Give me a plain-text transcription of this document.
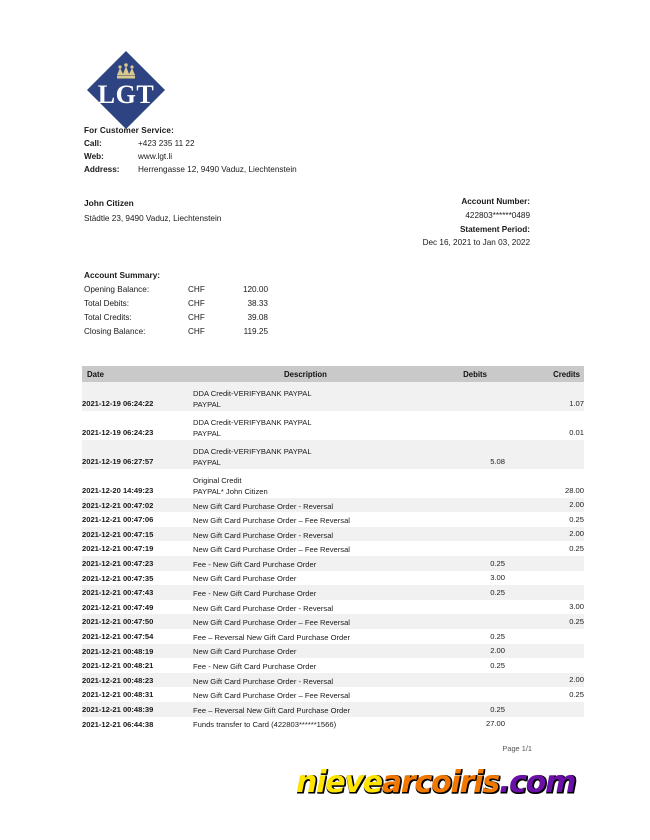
LGT
For Customer Service:
Call:	+423 235 11 22
Web:	www.lgt.li
Address:	Herrengasse 12, 9490 Vaduz, Liechtenstein
John Citizen
Städtle 23, 9490 Vaduz, Liechtenstein
Account Number:
422803******0489
Statement Period:
Dec 16, 2021 to Jan 03, 2022
Account Summary:
Opening Balance:	CHF	120.00
Total Debits:	CHF	38.33
Total Credits:	CHF	39.08
Closing Balance:	CHF	119.25
Date	Description	Debits	Credits

2021-12-19 06:24:22	DDA Credit-VERIFYBANK PAYPAL
PAYPAL		1.07

2021-12-19 06:24:23	DDA Credit-VERIFYBANK PAYPAL
PAYPAL		0.01

2021-12-19 06:27:57	DDA Credit-VERIFYBANK PAYPAL
PAYPAL	5.08	

2021-12-20 14:49:23	Original Credit
PAYPAL* John Citizen		28.00

2021-12-21 00:47:02	New Gift Card Purchase Order - Reversal		2.00

2021-12-21 00:47:06	New Gift Card Purchase Order – Fee Reversal		0.25

2021-12-21 00:47:15	New Gift Card Purchase Order - Reversal		2.00

2021-12-21 00:47:19	New Gift Card Purchase Order – Fee Reversal		0.25

2021-12-21 00:47:23	Fee - New Gift Card Purchase Order	0.25	

2021-12-21 00:47:35	New Gift Card Purchase Order	3.00	

2021-12-21 00:47:43	Fee - New Gift Card Purchase Order	0.25	

2021-12-21 00:47:49	New Gift Card Purchase Order - Reversal		3.00

2021-12-21 00:47:50	New Gift Card Purchase Order – Fee Reversal		0.25

2021-12-21 00:47:54	Fee – Reversal New Gift Card Purchase Order	0.25	

2021-12-21 00:48:19	New Gift Card Purchase Order	2.00	

2021-12-21 00:48:21	Fee - New Gift Card Purchase Order	0.25	

2021-12-21 00:48:23	New Gift Card Purchase Order - Reversal		2.00

2021-12-21 00:48:31	New Gift Card Purchase Order – Fee Reversal		0.25

2021-12-21 00:48:39	Fee – Reversal New Gift Card Purchase Order	0.25	

2021-12-21 06:44:38	Funds transfer to Card (422803******1566)	27.00	

Page 1/1
nievearcoiris.com
